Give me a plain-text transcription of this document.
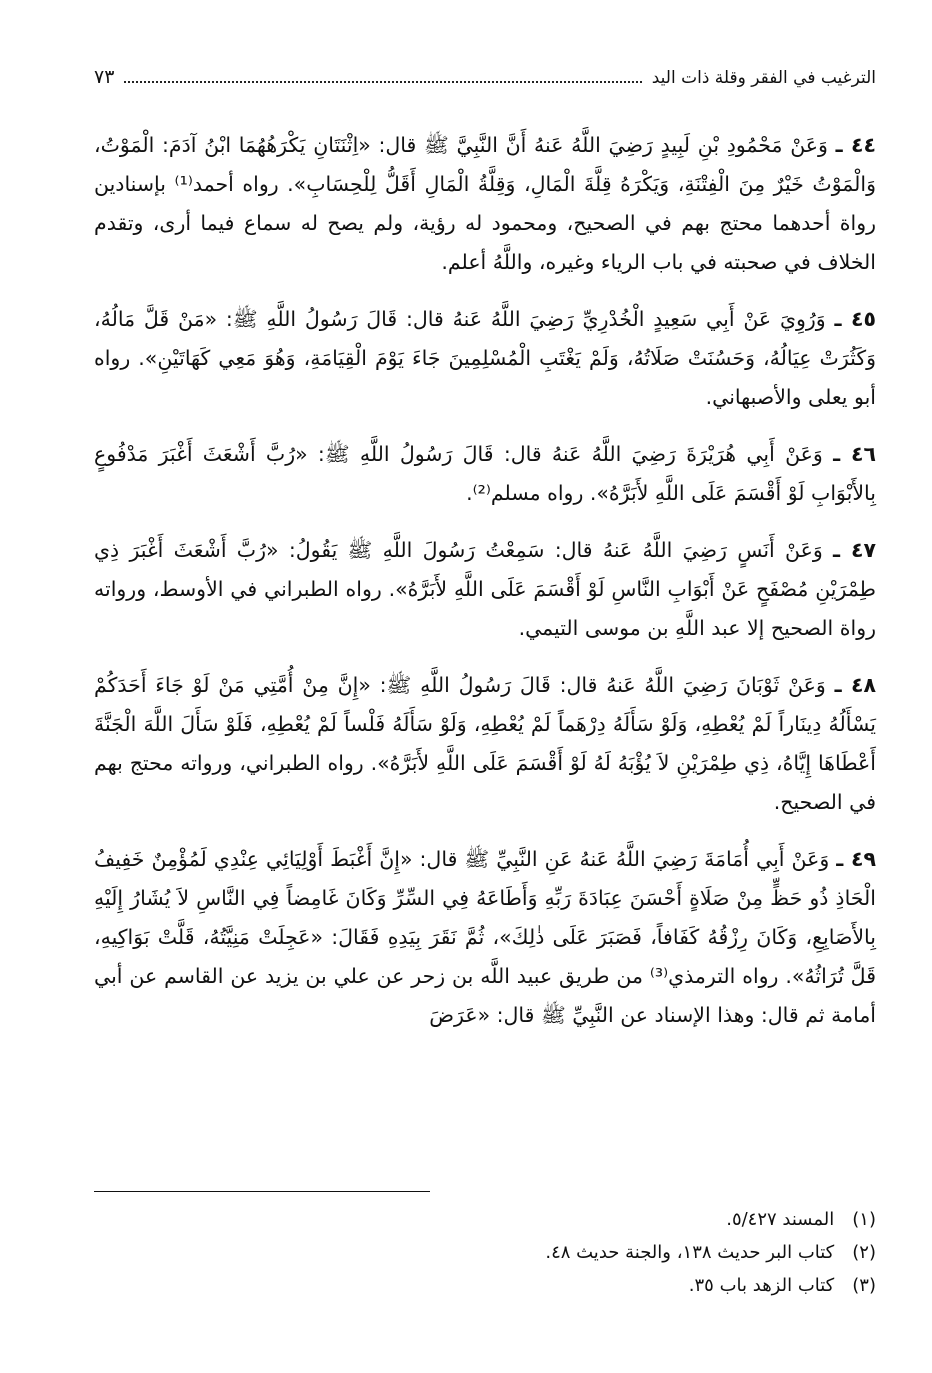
الترغيب في الفقر وقلة ذات اليد
٧٣

٤٤ ـ وَعَنْ مَحْمُودِ بْنِ لَبِيدٍ رَضِيَ اللَّهُ عَنهُ أَنَّ النَّبِيَّ ﷺ قال: «اِثْنَتَانِ يَكْرَهُهُمَا ابْنُ آدَمَ: الْمَوْتُ، وَالْمَوْتُ خَيْرٌ مِنَ الْفِتْنَةِ، وَيَكْرَهُ قِلَّةَ الْمَالِ، وَقِلَّةُ الْمَالِ أَقَلُّ لِلْحِسَابِ». رواه أحمد⁽¹⁾ بإسنادين رواة أحدهما محتج بهم في الصحيح، ومحمود له رؤية، ولم يصح له سماع فيما أرى، وتقدم الخلاف في صحبته في باب الرياء وغيره، واللَّهُ أعلم.

٤٥ ـ وَرُوِيَ عَنْ أَبِي سَعِيدٍ الْخُدْرِيِّ رَضِيَ اللَّهُ عَنهُ قال: قَالَ رَسُولُ اللَّهِ ﷺ: «مَنْ قَلَّ مَالُهُ، وَكَثُرَتْ عِيَالُهُ، وَحَسُنَتْ صَلَاتُهُ، وَلَمْ يَغْتَبِ الْمُسْلِمِينَ جَاءَ يَوْمَ الْقِيَامَةِ، وَهُوَ مَعِي كَهَاتَيْنِ». رواه أبو يعلى والأصبهاني.

٤٦ ـ وَعَنْ أَبِي هُرَيْرَةَ رَضِيَ اللَّهُ عَنهُ قال: قَالَ رَسُولُ اللَّهِ ﷺ: «رُبَّ أَشْعَثَ أَغْبَرَ مَدْفُوعٍ بِالأَبْوَابِ لَوْ أَقْسَمَ عَلَى اللَّهِ لأَبَرَّهُ». رواه مسلم⁽²⁾.

٤٧ ـ وَعَنْ أَنَسٍ رَضِيَ اللَّهُ عَنهُ قال: سَمِعْتُ رَسُولَ اللَّهِ ﷺ يَقُولُ: «رُبَّ أَشْعَثَ أَغْبَرَ ذِي طِمْرَيْنِ مُصْفَحٍ عَنْ أَبْوَابِ النَّاسِ لَوْ أَقْسَمَ عَلَى اللَّهِ لأَبَرَّهُ». رواه الطبراني في الأوسط، ورواته رواة الصحيح إلا عبد اللَّهِ بن موسى التيمي.

٤٨ ـ وَعَنْ ثَوْبَانَ رَضِيَ اللَّهُ عَنهُ قال: قَالَ رَسُولُ اللَّهِ ﷺ: «إِنَّ مِنْ أُمَّتِي مَنْ لَوْ جَاءَ أَحَدَكُمْ يَسْأَلُهُ دِينَاراً لَمْ يُعْطِهِ، وَلَوْ سَأَلَهُ دِرْهَماً لَمْ يُعْطِهِ، وَلَوْ سَأَلَهُ فَلْساً لَمْ يُعْطِهِ، فَلَوْ سَأَلَ اللَّهَ الْجَنَّةَ أَعْطَاهَا إِيَّاهُ، ذِي طِمْرَيْنِ لاَ يُؤْبَهُ لَهُ لَوْ أَقْسَمَ عَلَى اللَّهِ لأَبَرَّهُ». رواه الطبراني، ورواته محتج بهم في الصحيح.

٤٩ ـ وَعَنْ أَبِي أُمَامَةَ رَضِيَ اللَّهُ عَنهُ عَنِ النَّبِيِّ ﷺ قال: «إِنَّ أَغْبَطَ أَوْلِيَائِي عِنْدِي لَمُؤْمِنٌ خَفِيفُ الْحَاذِ ذُو حَظٍّ مِنْ صَلَاةٍ أَحْسَنَ عِبَادَةَ رَبِّهِ وَأَطَاعَهُ فِي السِّرِّ وَكَانَ غَامِضاً فِي النَّاسِ لاَ يُشَارُ إِلَيْهِ بِالأَصَابِعِ، وَكَانَ رِزْقُهُ كَفَافاً، فَصَبَرَ عَلَى ذٰلِكَ»، ثُمَّ نَقَرَ بِيَدِهِ فَقَالَ: «عَجِلَتْ مَنِيَّتُهُ، قَلَّتْ بَوَاكِيهِ، قَلَّ تُرَاثُهُ». رواه الترمذي⁽³⁾ من طريق عبيد اللَّه بن زحر عن علي بن يزيد عن القاسم عن أبي أمامة ثم قال: وهذا الإسناد عن النَّبِيِّ ﷺ قال: «عَرَضَ

(١)
المسند ٥/٤٢٧.
(٢)
كتاب البر حديث ١٣٨، والجنة حديث ٤٨.
(٣)
كتاب الزهد باب ٣٥.
